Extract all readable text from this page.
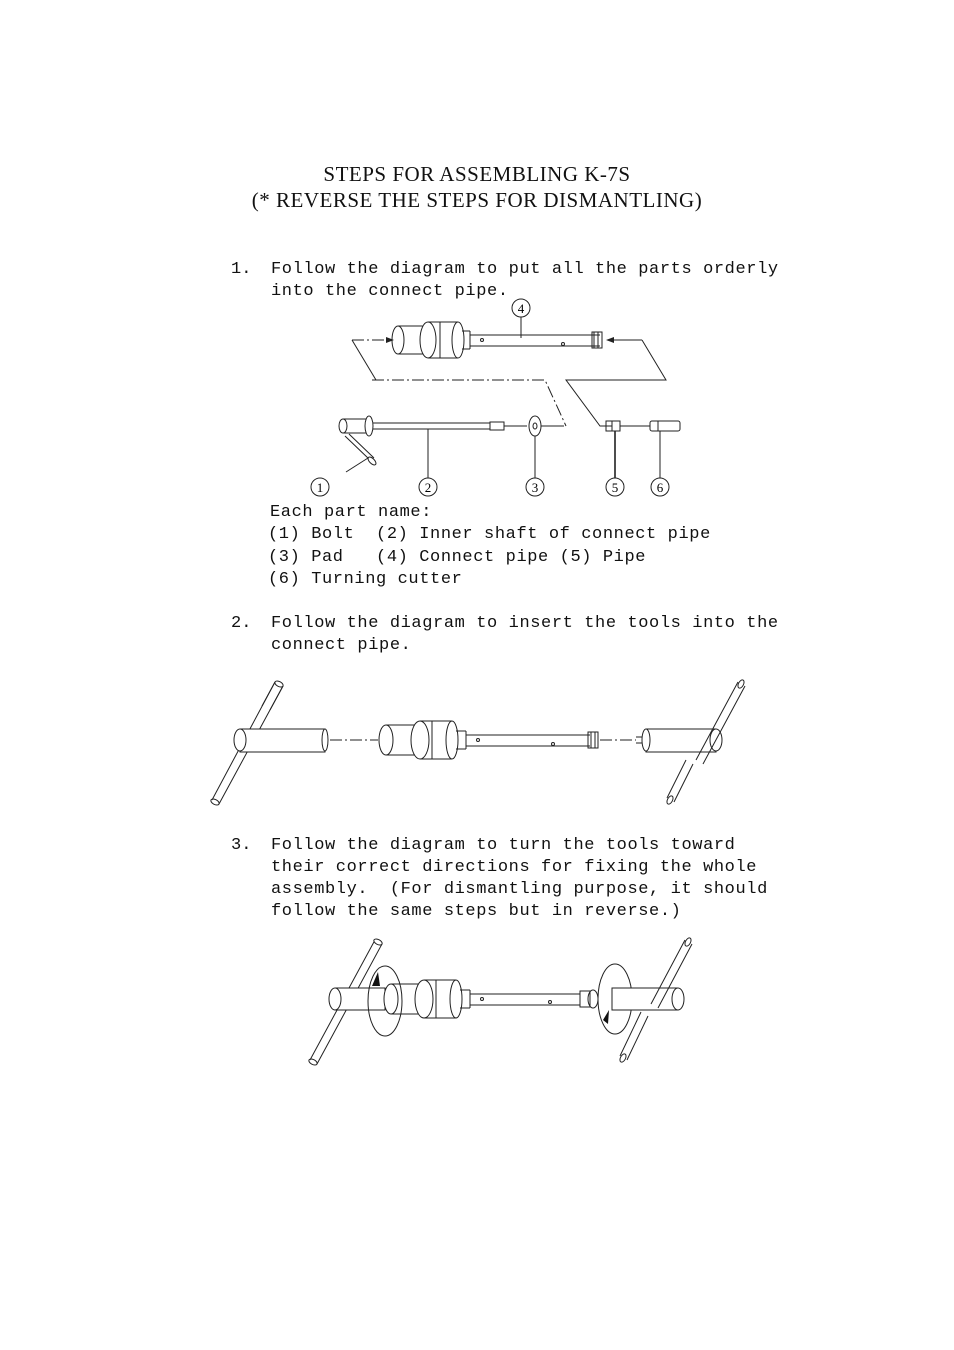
STEPS FOR ASSEMBLING K-7S
(* REVERSE THE STEPS FOR DISMANTLING)
1. Follow the diagram to put all the parts orderly
into the connect pipe.
Each part name:
(1) Bolt  (2) Inner shaft of connect pipe
(3) Pad   (4) Connect pipe (5) Pipe
(6) Turning cutter
2. Follow the diagram to insert the tools into the
connect pipe.
3. Follow the diagram to turn the tools toward
their correct directions for fixing the whole
assembly.  (For dismantling purpose, it should
follow the same steps but in reverse.)
4
1	2	3	5	6
